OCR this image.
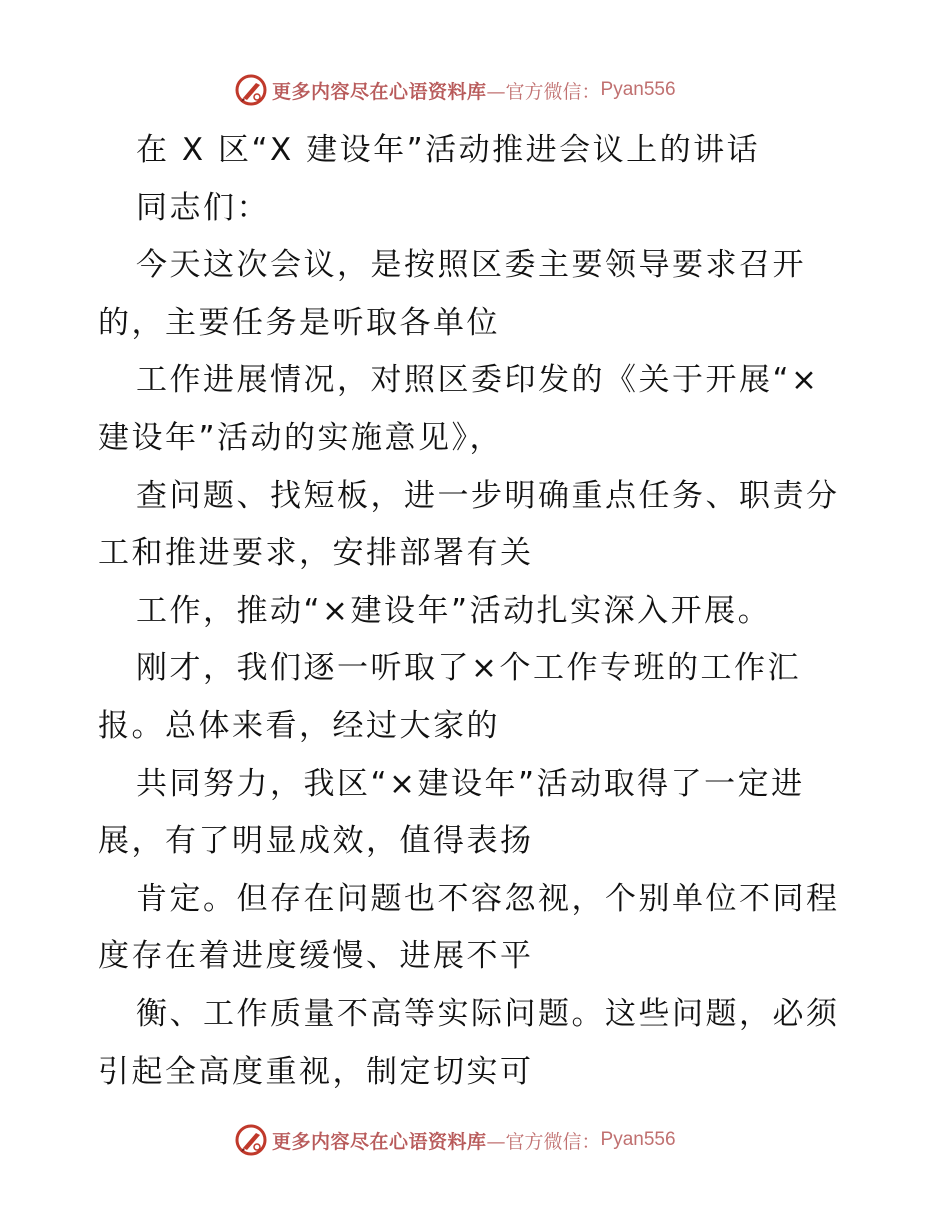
更多内容尽在心语资料库 —官方微信： Pyan556
在 X 区“X 建设年”活动推进会议上的讲话
同志们：
今天这次会议，是按照区委主要领导要求召开
的，主要任务是听取各单位
工作进展情况，对照区委印发的《关于开展“×
建设年”活动的实施意见》，
查问题、找短板，进一步明确重点任务、职责分
工和推进要求，安排部署有关
工作，推动“×建设年”活动扎实深入开展。
刚才，我们逐一听取了×个工作专班的工作汇
报。总体来看，经过大家的
共同努力，我区“×建设年”活动取得了一定进
展，有了明显成效，值得表扬
肯定。但存在问题也不容忽视，个别单位不同程
度存在着进度缓慢、进展不平
衡、工作质量不高等实际问题。这些问题，必须
引起全高度重视，制定切实可
更多内容尽在心语资料库 —官方微信： Pyan556
